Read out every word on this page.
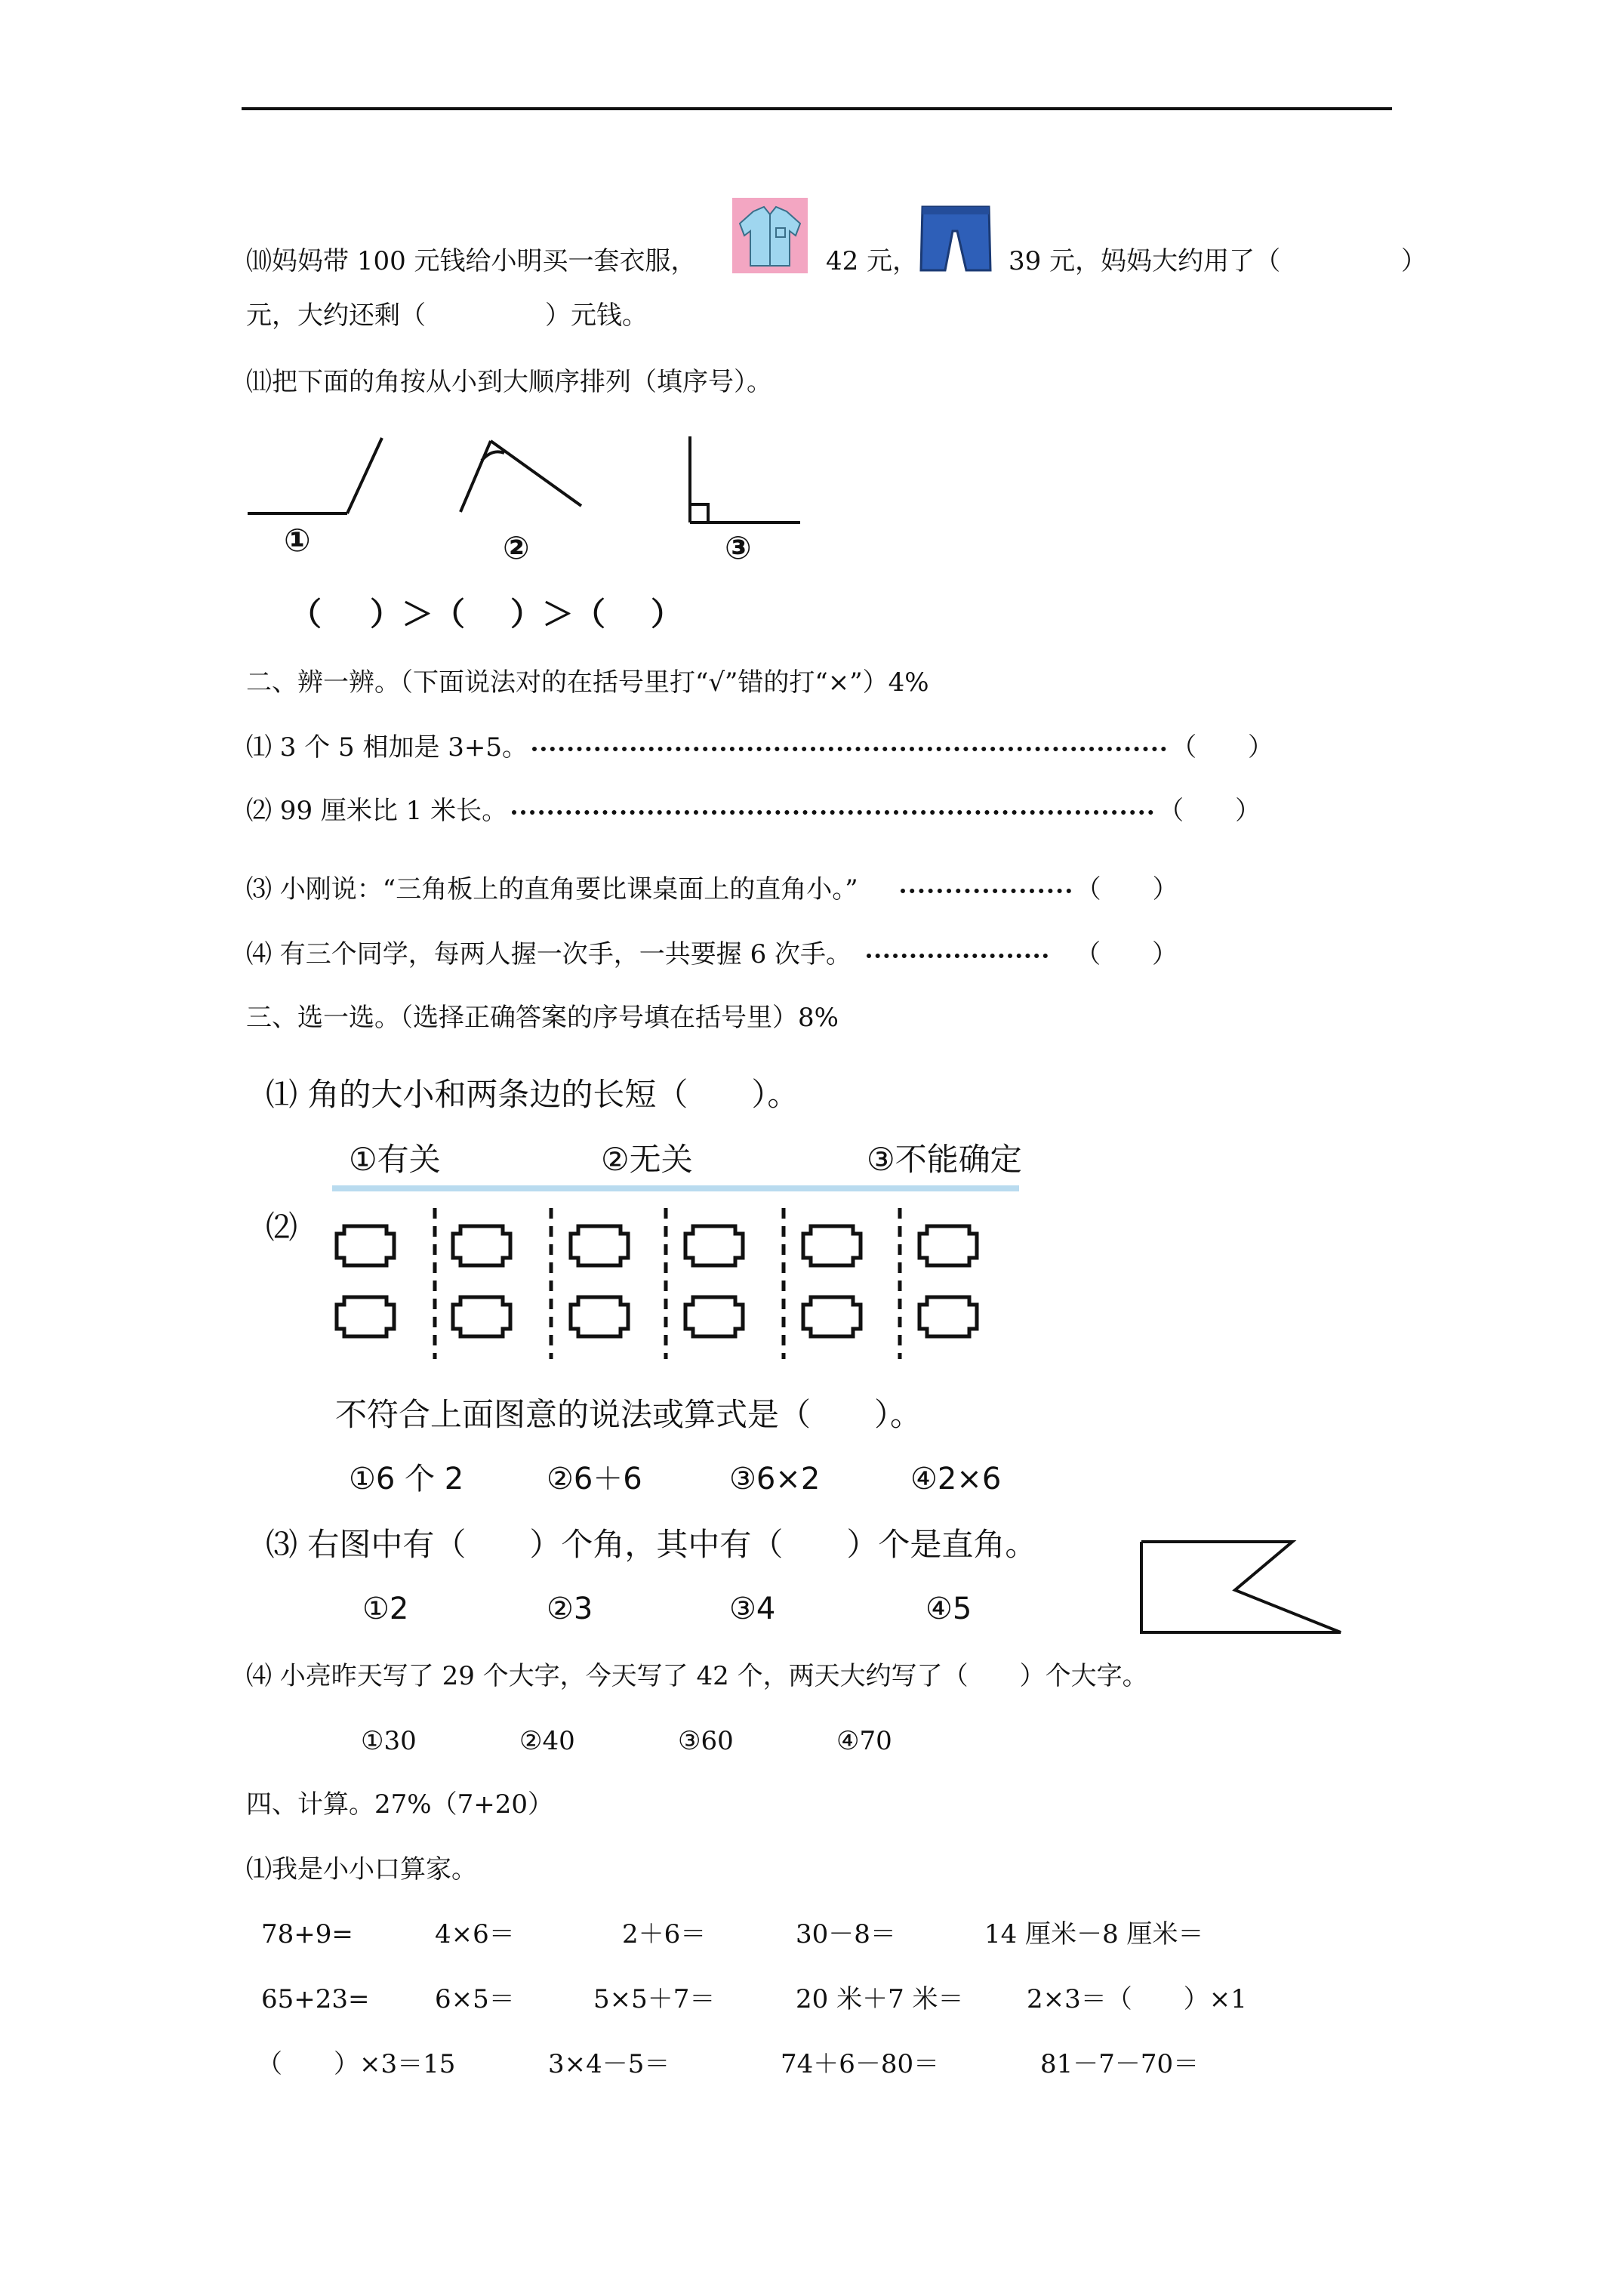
⑽妈妈带 100 元钱给小明买一套衣服，	42 元，	39 元，妈妈大约用了（	）
元，大约还剩（	）元钱。
⑾把下面的角按从小到大顺序排列（填序号）。
①	②	③
（ ）＞（ ）＞（ ）
二、辨一辨。（下面说法对的在括号里打“√”错的打“×”）4%
⑴ 3 个 5 相加是 3+5。	（　　）
⑵ 99 厘米比 1 米长。	（　　）
⑶ 小刚说：“三角板上的直角要比课桌面上的直角小。”	（　　）
⑷ 有三个同学，每两人握一次手，一共要握 6 次手。	（　　）
三、选一选。（选择正确答案的序号填在括号里）8%
⑴ 角的大小和两条边的长短（　　）。
①有关	②无关	③不能确定
⑵
不符合上面图意的说法或算式是（　　）。
①6 个 2	②6＋6	③6×2	④2×6
⑶ 右图中有（　　）个角，其中有（　　）个是直角。
①2	②3	③4	④5
⑷ 小亮昨天写了 29 个大字，今天写了 42 个，两天大约写了（　　）个大字。
①30	②40	③60	④70
四、计算。27%（7+20）
⑴我是小小口算家。
78+9=	4×6＝	2＋6＝	30－8＝	14 厘米－8 厘米＝
65+23=	6×5＝	5×5＋7＝	20 米＋7 米＝ 2×3＝（　　）×1
（　　）×3＝15	3×4－5＝	74＋6－80＝	81－7－70＝
